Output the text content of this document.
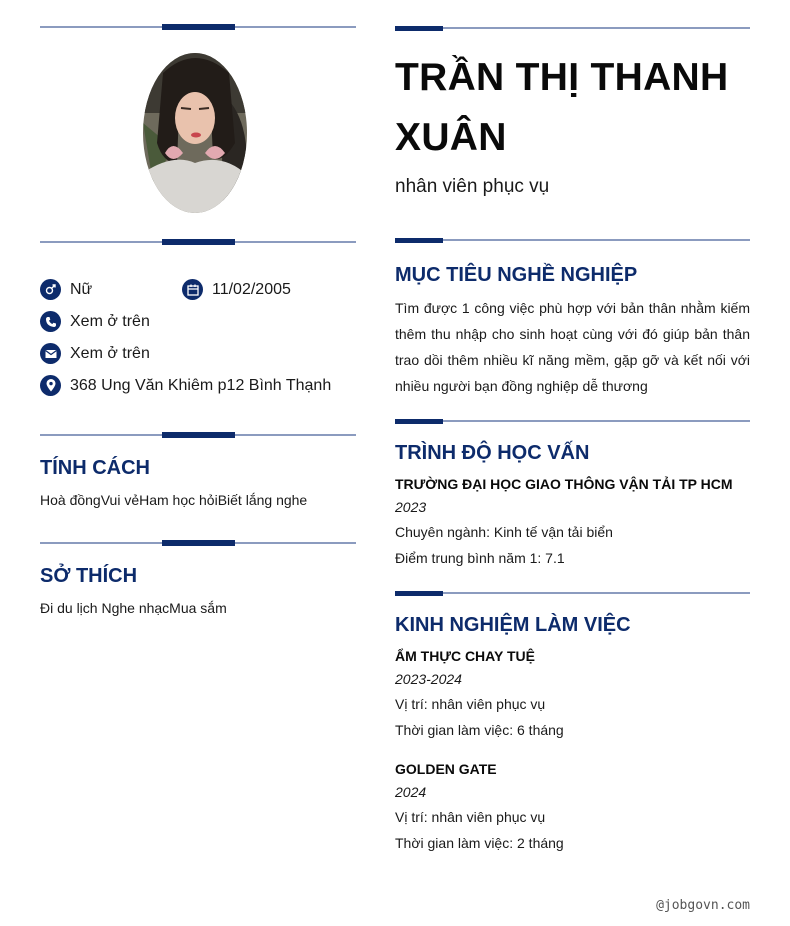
Nữ	11/02/2005
Xem ở trên
Xem ở trên
368 Ung Văn Khiêm p12 Bình Thạnh
TÍNH CÁCH
Hoà đồngVui vẻHam học hỏiBiết lắng nghe
SỞ THÍCH
Đi du lịch Nghe nhạcMua sắm
TRẦN THỊ THANH XUÂN
nhân viên phục vụ
MỤC TIÊU NGHỀ NGHIỆP
Tìm được 1 công việc phù hợp với bản thân nhằm kiếm thêm thu nhập cho sinh hoạt cùng với đó giúp bản thân trao dồi thêm nhiều kĩ năng mềm, gặp gỡ và kết nối với nhiều người bạn đồng nghiệp dễ thương
TRÌNH ĐỘ HỌC VẤN
TRƯỜNG ĐẠI HỌC GIAO THÔNG VẬN TẢI TP HCM
2023
Chuyên ngành: Kinh tế vận tải biển
Điểm trung bình năm 1: 7.1
KINH NGHIỆM LÀM VIỆC
ẨM THỰC CHAY TUỆ
2023-2024
Vị trí: nhân viên phục vụ
Thời gian làm việc: 6 tháng
GOLDEN GATE
2024
Vị trí: nhân viên phục vụ
Thời gian làm việc: 2 tháng
@jobgovn.com
